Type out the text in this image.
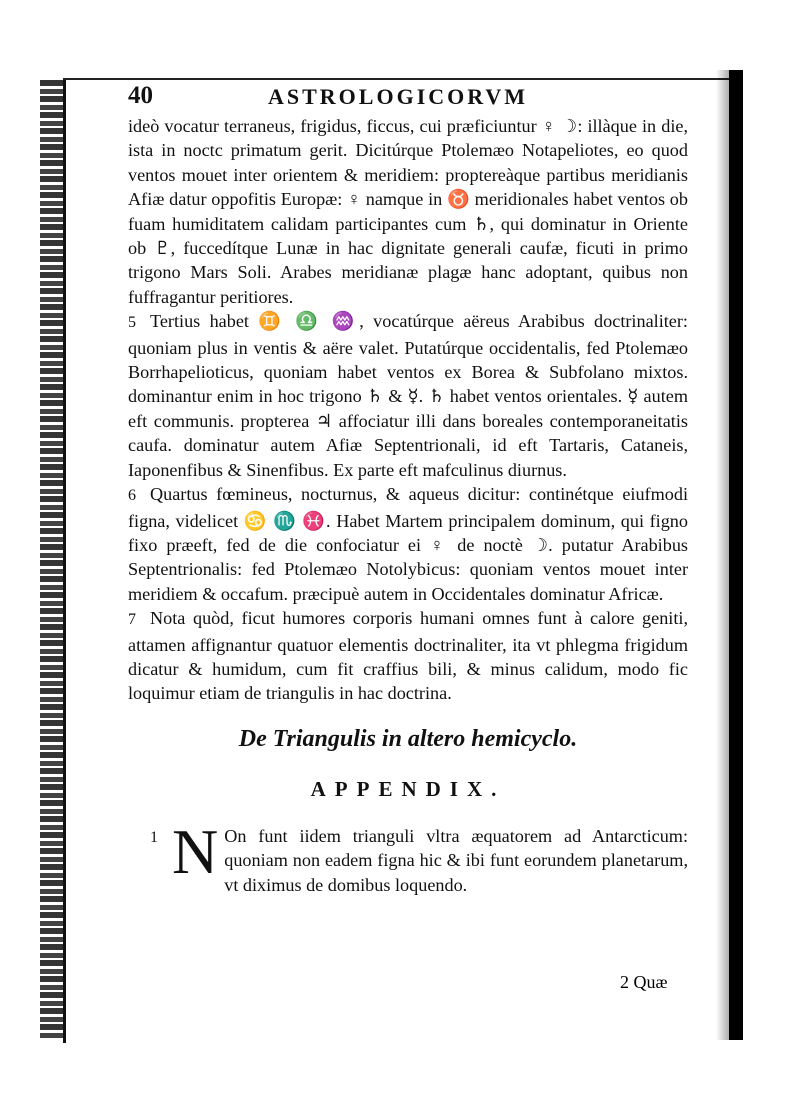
40	ASTROLOGICORVM

ideò vocatur terraneus, frigidus, ficcus, cui præficiuntur ♀ ☽: illàque in die, ista in noctc primatum gerit. Dicitúrque Ptolemæo Notapeliotes, eo quod ventos mouet inter orientem & meridiem: proptereàque partibus meridianis Afiæ datur oppofitis Europæ: ♀ namque in ♉ meridionales habet ventos ob fuam humiditatem calidam participantes cum ♄, qui dominatur in Oriente ob ♇, fuccedítque Lunæ in hac dignitate generali caufæ, ficuti in primo trigono Mars Soli. Arabes meridianæ plagæ hanc adoptant, quibus non fuffragantur peritiores.

5 Tertius habet ♊ ♎ ♒, vocatúrque aëreus Arabibus doctrinaliter: quoniam plus in ventis & aëre valet. Putatúrque occidentalis, fed Ptolemæo Borrhapelioticus, quoniam habet ventos ex Borea & Subfolano mixtos. dominantur enim in hoc trigono ♄ & ☿. ♄ habet ventos orientales. ☿ autem eft communis. propterea ♃ affociatur illi dans boreales contemporaneitatis caufa. dominatur autem Afiæ Septentrionali, id eft Tartaris, Cataneis, Iaponenfibus & Sinenfibus. Ex parte eft mafculinus diurnus.

6 Quartus fœmineus, nocturnus, & aqueus dicitur: continétque eiufmodi figna, videlicet ♋ ♏ ♓. Habet Martem principalem dominum, qui figno fixo præeft, fed de die confociatur ei ♀ de noctè ☽. putatur Arabibus Septentrionalis: fed Ptolemæo Notolybicus: quoniam ventos mouet inter meridiem & occafum. præcipuè autem in Occidentales dominatur Africæ.

7 Nota quòd, ficut humores corporis humani omnes funt à calore geniti, attamen affignantur quatuor elementis doctrinaliter, ita vt phlegma frigidum dicatur & humidum, cum fit craffius bili, & minus calidum, modo fic loquimur etiam de triangulis in hac doctrina.

De Triangulis in altero hemicyclo.
APPENDIX.
1 N On funt iidem trianguli vltra æquatorem ad Antarcticum: quoniam non eadem figna hic & ibi funt eorundem planetarum, vt diximus de domibus loquendo.
2 Quæ
